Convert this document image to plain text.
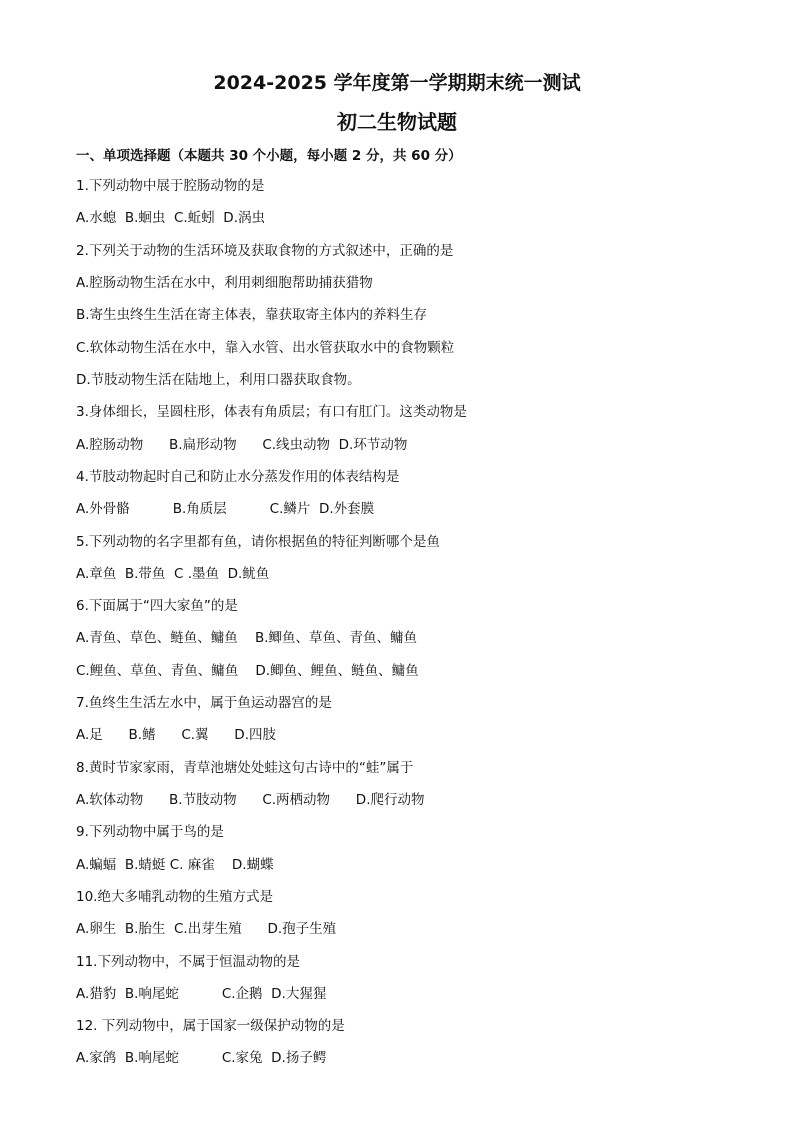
2024-2025 学年度第一学期期末统一测试
初二生物试题
一、单项选择题（本题共 30 个小题，每小题 2 分，共 60 分）
1.下列动物中展于腔肠动物的是
A.水螅  B.蛔虫  C.蚯蚓  D.涡虫
2.下列关于动物的生活环境及获取食物的方式叙述中，正确的是
A.腔肠动物生活在水中，利用刺细胞帮助捕获猎物
B.寄生虫终生生活在寄主体表，靠获取寄主体内的养料生存
C.软体动物生活在水中，靠入水管、出水管获取水中的食物颗粒
D.节肢动物生活在陆地上，利用口器获取食物。
3.身体细长，呈圆柱形，体表有角质层；有口有肛门。这类动物是
A.腔肠动物      B.扁形动物      C.线虫动物  D.环节动物
4.节肢动物起时自己和防止水分蒸发作用的体表结构是
A.外骨骼          B.角质层          C.鳞片  D.外套膜
5.下列动物的名字里都有鱼，请你根据鱼的特征判断哪个是鱼
A.章鱼  B.带鱼  C .墨鱼  D.鱿鱼
6.下面属于“四大家鱼”的是
A.青鱼、草色、鲢鱼、鳙鱼    B.鲫鱼、草鱼、青鱼、鳙鱼
C.鲤鱼、草鱼、青鱼、鳙鱼    D.鲫鱼、鲤鱼、鲢鱼、鳙鱼
7.鱼终生生活左水中，属于鱼运动器宫的是
A.足      B.鳍      C.翼      D.四肢
8.黄时节家家雨，青草池塘处处蛙这句古诗中的“蛙”属于
A.软体动物      B.节肢动物      C.两栖动物      D.爬行动物
9.下列动物中属于鸟的是
A.蝙蝠  B.蜻蜓 C. 麻雀    D.蝴蝶
10.绝大多哺乳动物的生殖方式是
A.卵生  B.胎生  C.出芽生殖      D.孢子生殖
11.下列动物中，不属于恒温动物的是
A.猎豹  B.响尾蛇          C.企鹅  D.大猩猩
12. 下列动物中，属于国家一级保护动物的是
A.家鸽  B.响尾蛇          C.家兔  D.扬子鳄
